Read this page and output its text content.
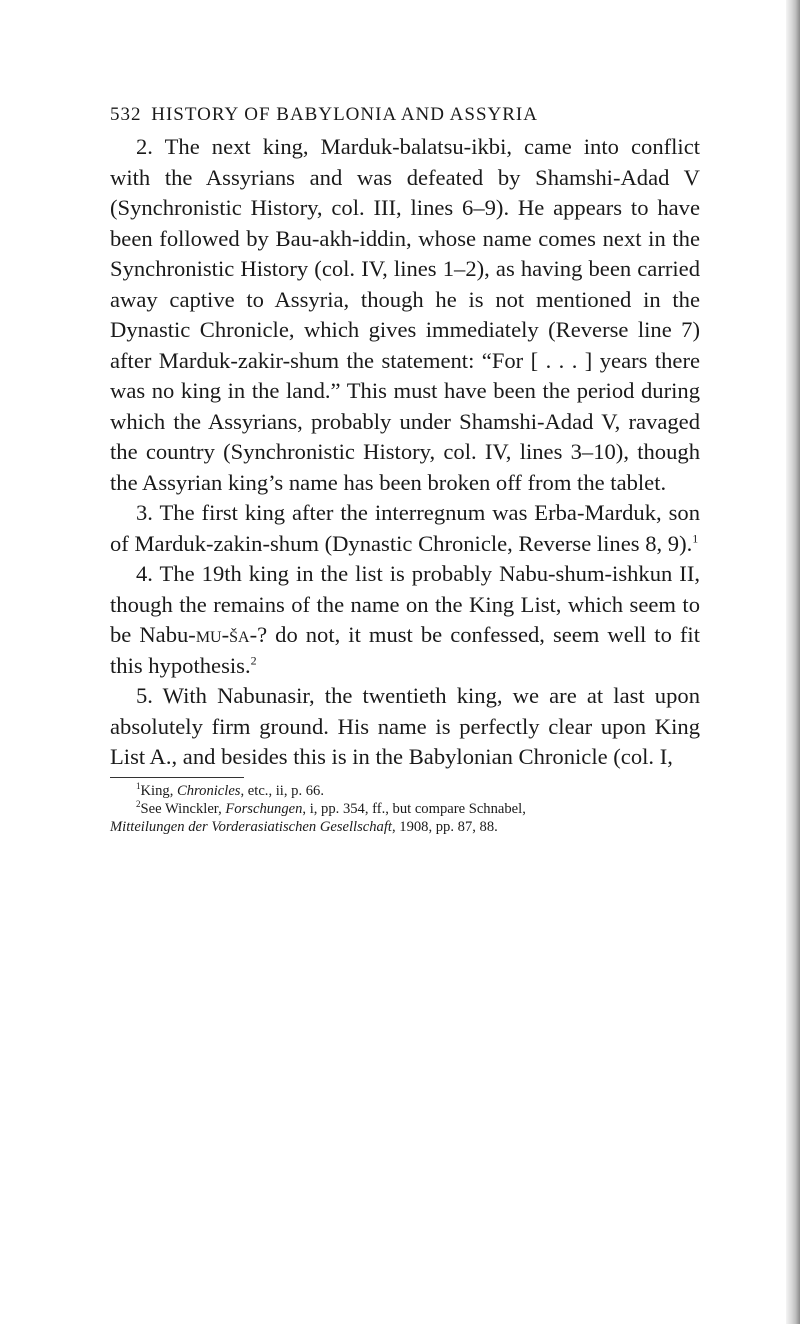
532 HISTORY OF BABYLONIA AND ASSYRIA

2. The next king, Marduk-balatsu-ikbi, came into conflict with the Assyrians and was defeated by Shamshi-Adad V (Synchronistic History, col. III, lines 6–9). He appears to have been followed by Bau-akh-iddin, whose name comes next in the Synchronistic History (col. IV, lines 1–2), as having been carried away captive to Assyria, though he is not mentioned in the Dynastic Chronicle, which gives immediately (Reverse line 7) after Marduk-zakir-shum the statement: “For [ . . . ] years there was no king in the land.” This must have been the period during which the Assyrians, probably under Shamshi-Adad V, ravaged the country (Synchronistic History, col. IV, lines 3–10), though the Assyrian king’s name has been broken off from the tablet.

3. The first king after the interregnum was Erba-Marduk, son of Marduk-zakin-shum (Dynastic Chronicle, Reverse lines 8, 9).$^1$

4. The 19th king in the list is probably Nabu-shum-ishkun II, though the remains of the name on the King List, which seem to be Nabu-mu-ša-? do not, it must be confessed, seem well to fit this hypothesis.$^2$

5. With Nabunasir, the twentieth king, we are at last upon absolutely firm ground. His name is perfectly clear upon King List A., and besides this is in the Babylonian Chronicle (col. I,

$^1$King, Chronicles, etc., ii, p. 66.

$^2$See Winckler, Forschungen, i, pp. 354, ff., but compare Schnabel,

Mitteilungen der Vorderasiatischen Gesellschaft, 1908, pp. 87, 88.
